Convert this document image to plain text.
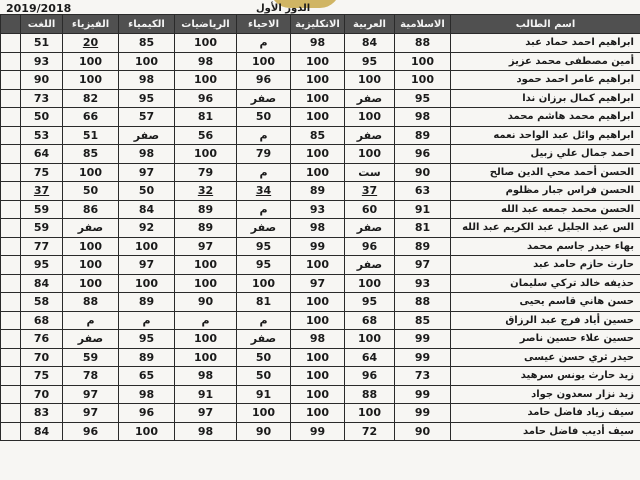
2019/2018	الدور الأول
اسم الطالب	الاسلامية	العربية	الانكليزية	الاحياء	الرياضيات	الكيمياء	الفيزياء	اللغت	
ابراهيم احمد حماد عبد	88	84	98	م	100	85	20	51	
أمين مصطفى محمد عزيز	100	95	100	100	98	100	100	93	
ابراهيم عامر احمد حمود	100	100	100	96	100	98	100	90	
ابراهيم كمال برزان ندا	95	صفر	100	صفر	96	95	82	73	
ابراهيم محمد هاشم محمد	98	100	100	50	81	57	66	50	
ابراهيم وائل عبد الواحد نعمه	89	صفر	85	م	56	صفر	51	53	
احمد جمال علي زبيل	96	100	100	79	100	98	85	64	
الحسن أحمد محي الدين صالح	90	ست	100	م	79	97	100	75	
الحسن فراس جبار مظلوم	63	37	89	34	32	50	50	37	
الحسن محمد جمعه عبد الله	91	60	93	م	89	84	86	59	
الس عبد الجليل عبد الكريم عبد الله	81	صفر	98	صفر	89	92	صفر	59	
بهاء حيدر جاسم محمد	89	96	99	95	97	100	100	77	
حارث حازم حامد عبد	97	صفر	100	95	100	97	100	95	
حذيفه خالد تركي سليمان	93	100	97	100	100	100	100	84	
حسن هاني قاسم يحيى	88	95	100	81	90	89	88	58	
حسين أياد فرج عبد الرزاق	85	68	100	م	م	م	م	68	
حسين علاء حسين ناصر	99	100	98	صفر	100	95	صفر	76	
حيدر ثري حسن عيسى	99	64	100	50	100	89	59	70	
زيد حارث يونس سرهيد	73	96	100	50	98	65	78	75	
زيد نزار سعدون جواد	99	88	100	91	91	98	97	70	
سيف زياد فاضل حامد	99	100	100	100	97	96	97	83	
سيف أديب فاضل حامد	90	72	99	90	98	100	96	84	
